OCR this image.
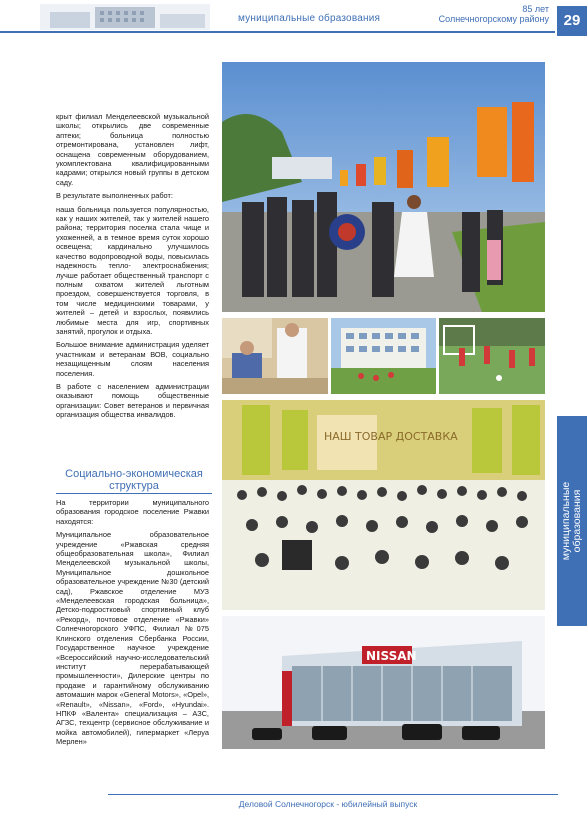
муниципальные образования
85 лет
Солнечногорскому району 29

крыт филиал Менделеевской музыкальной школы; открылись две современные аптеки; больница полностью отремонтирована, установлен лифт, оснащена современным оборудованием, укомплектована квалифицированными кадрами; открылся новый группы в детском саду.

В результате выполненных работ:

наша больница пользуется популярностью, как у наших жителей, так у жителей нашего района; территория поселка стала чище и ухоженней, а в темное время суток хорошо освещена; кардинально улучшилось качество водопроводной воды, повысилась надежность тепло- электроснабжения; лучше работает общественный транспорт с полным охватом жителей льготным проездом, совершенствуется торговля, в том числе медицинскими товарами, у жителей – детей и взрослых, появились любимые места для игр, спортивных занятий, прогулок и отдыха.

Большое внимание администрация уделяет участникам и ветеранам ВОВ, социально незащищенным слоям населения поселения.

В работе с населением администрации оказывают помощь общественные организации: Совет ветеранов и первичная организация общества инвалидов.

Социально-экономическая структура

На территории муниципального образования городское поселение Ржавки находятся:

Муниципальное образовательное учреждение «Ржавская средняя общеобразовательная школа», Филиал Менделеевской музыкальной школы, Муниципальное дошкольное образовательное учреждение №30 (детский сад), Ржавское отделение МУЗ «Менделеевская городская больница», Детско-подростковый спортивный клуб «Рекорд», почтовое отделение «Ржавки» Солнечногорского УФПС, Филиал №075 Клинского отделения Сбербанка России, Государственное научное учреждение «Всероссийский научно-исследовательский институт перерабатывающей промышленности», Дилерские центры по продаже и гарантийному обслуживанию автомашин марок «General Motors», «Opel», «Renault», «Nissan», «Ford», «Hyundai». НПКФ «Валента» специализация – АЗС, АГЗС, техцентр (сервисное обслуживание и мойка автомобилей), гипермаркет «Леруа Мерлен»

НАШ ТОВАР ДОСТАВКА
NISSAN
муниципальные образования
Деловой Солнечногорск - юбилейный выпуск
